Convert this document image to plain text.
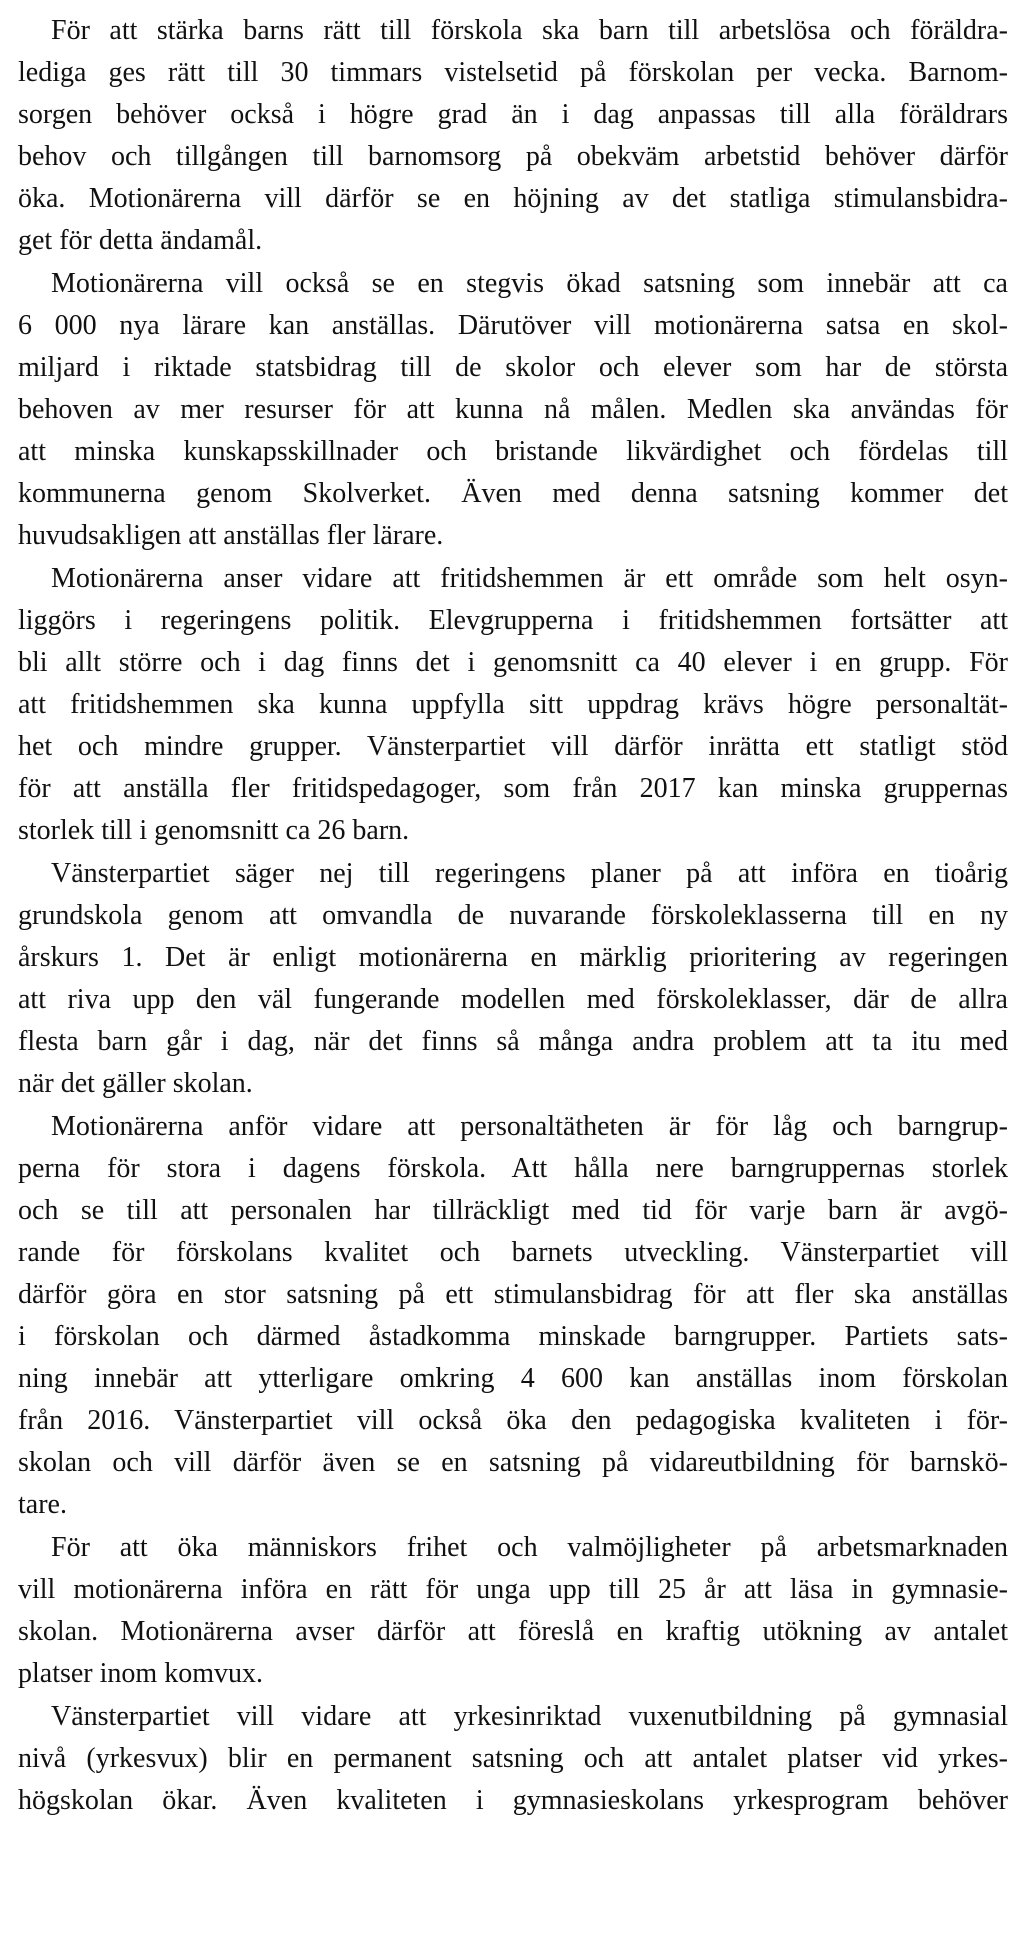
För att stärka barns rätt till förskola ska barn till arbetslösa och föräldra-
lediga ges rätt till 30 timmars vistelsetid på förskolan per vecka. Barnom-
sorgen behöver också i högre grad än i dag anpassas till alla föräldrars
behov och tillgången till barnomsorg på obekväm arbetstid behöver därför
öka. Motionärerna vill därför se en höjning av det statliga stimulansbidra-
get för detta ändamål.
Motionärerna vill också se en stegvis ökad satsning som innebär att ca
6 000 nya lärare kan anställas. Därutöver vill motionärerna satsa en skol-
miljard i riktade statsbidrag till de skolor och elever som har de största
behoven av mer resurser för att kunna nå målen. Medlen ska användas för
att minska kunskapsskillnader och bristande likvärdighet och fördelas till
kommunerna genom Skolverket. Även med denna satsning kommer det
huvudsakligen att anställas fler lärare.
Motionärerna anser vidare att fritidshemmen är ett område som helt osyn-
liggörs i regeringens politik. Elevgrupperna i fritidshemmen fortsätter att
bli allt större och i dag finns det i genomsnitt ca 40 elever i en grupp. För
att fritidshemmen ska kunna uppfylla sitt uppdrag krävs högre personaltät-
het och mindre grupper. Vänsterpartiet vill därför inrätta ett statligt stöd
för att anställa fler fritidspedagoger, som från 2017 kan minska gruppernas
storlek till i genomsnitt ca 26 barn.
Vänsterpartiet säger nej till regeringens planer på att införa en tioårig
grundskola genom att omvandla de nuvarande förskoleklasserna till en ny
årskurs 1. Det är enligt motionärerna en märklig prioritering av regeringen
att riva upp den väl fungerande modellen med förskoleklasser, där de allra
flesta barn går i dag, när det finns så många andra problem att ta itu med
när det gäller skolan.
Motionärerna anför vidare att personaltätheten är för låg och barngrup-
perna för stora i dagens förskola. Att hålla nere barngruppernas storlek
och se till att personalen har tillräckligt med tid för varje barn är avgö-
rande för förskolans kvalitet och barnets utveckling. Vänsterpartiet vill
därför göra en stor satsning på ett stimulansbidrag för att fler ska anställas
i förskolan och därmed åstadkomma minskade barngrupper. Partiets sats-
ning innebär att ytterligare omkring 4 600 kan anställas inom förskolan
från 2016. Vänsterpartiet vill också öka den pedagogiska kvaliteten i för-
skolan och vill därför även se en satsning på vidareutbildning för barnskö-
tare.
För att öka människors frihet och valmöjligheter på arbetsmarknaden
vill motionärerna införa en rätt för unga upp till 25 år att läsa in gymnasie-
skolan. Motionärerna avser därför att föreslå en kraftig utökning av antalet
platser inom komvux.
Vänsterpartiet vill vidare att yrkesinriktad vuxenutbildning på gymnasial
nivå (yrkesvux) blir en permanent satsning och att antalet platser vid yrkes-
högskolan ökar. Även kvaliteten i gymnasieskolans yrkesprogram behöver
